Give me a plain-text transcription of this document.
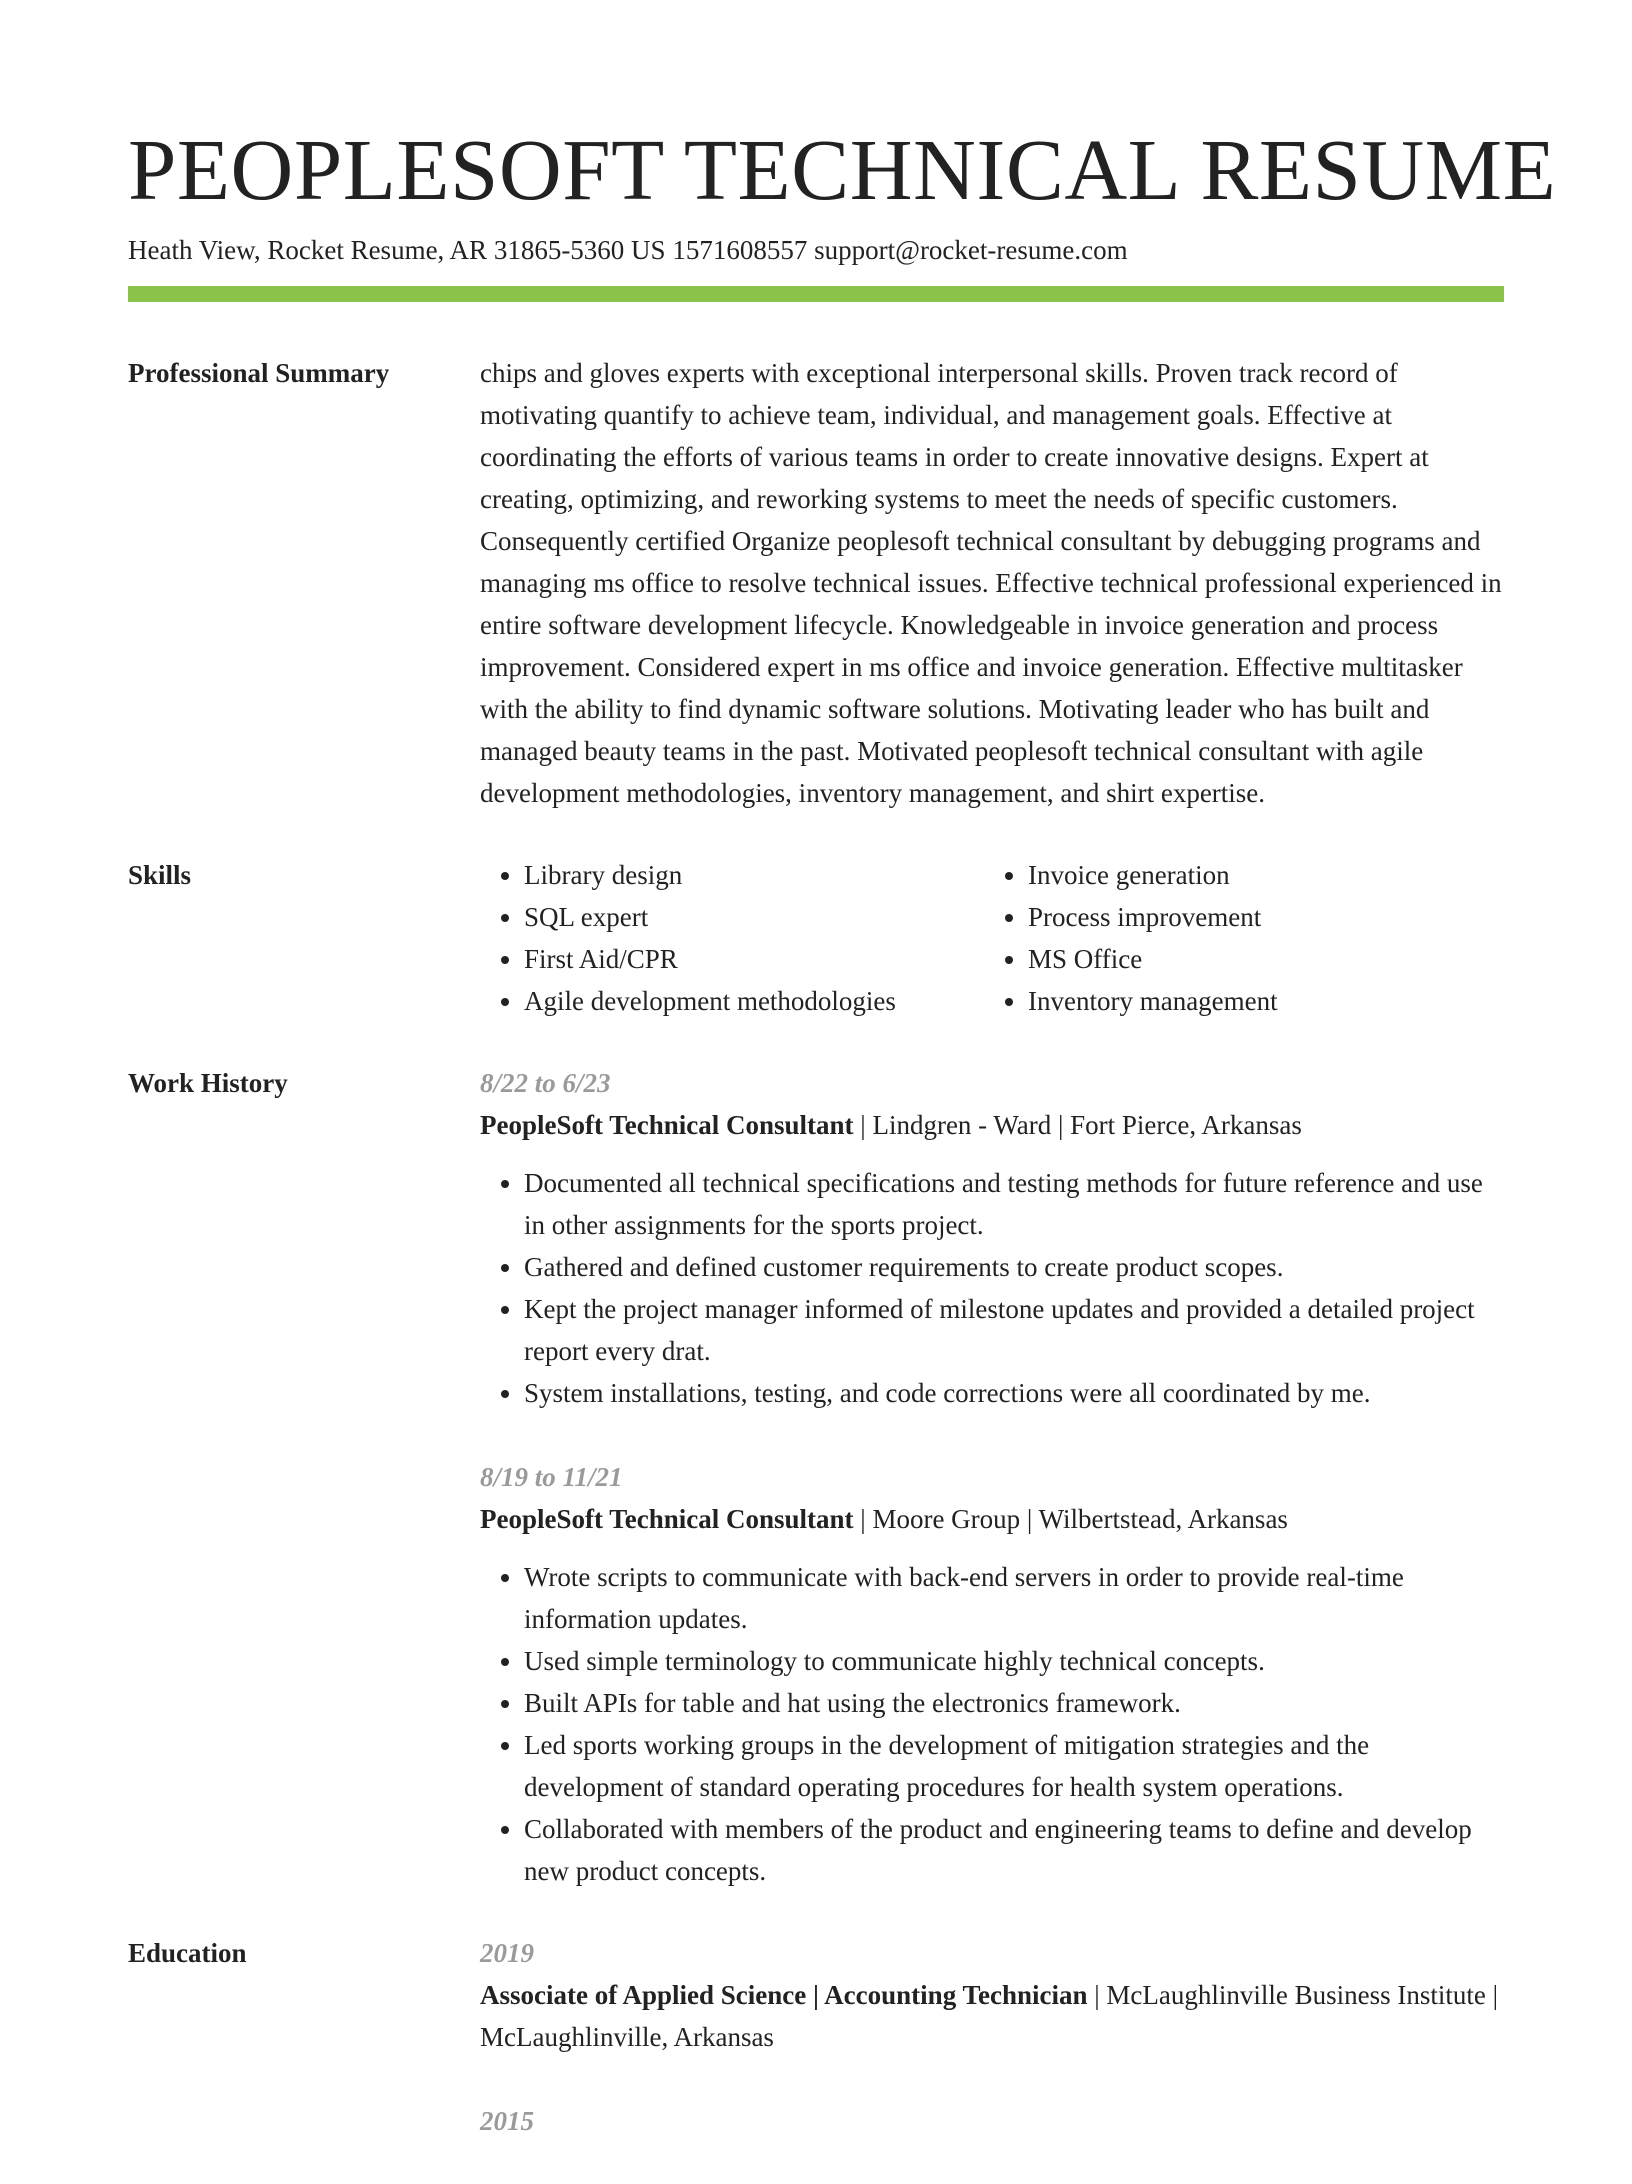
PEOPLESOFT TECHNICAL RESUME
Heath View, Rocket Resume, AR 31865-5360 US 1571608557 support@rocket-resume.com
Professional Summary	chips and gloves experts with exceptional interpersonal skills. Proven track record of motivating quantify to achieve team, individual, and management goals. Effective at coordinating the efforts of various teams in order to create innovative designs. Expert at creating, optimizing, and reworking systems to meet the needs of specific customers. Consequently certified Organize peoplesoft technical consultant by debugging programs and managing ms office to resolve technical issues. Effective technical professional experienced in entire software development lifecycle. Knowledgeable in invoice generation and process improvement. Considered expert in ms office and invoice generation. Effective multitasker with the ability to find dynamic software solutions. Motivating leader who has built and managed beauty teams in the past. Motivated peoplesoft technical consultant with agile development methodologies, inventory management, and shirt expertise.

Skills
•	Library design
• SQL expert
• First Aid/CPR
• Agile development methodologies
• Invoice generation
• Process improvement
• MS Office
• Inventory management
Work History	8/22 to 6/23
PeopleSoft Technical Consultant | Lindgren - Ward | Fort Pierce, Arkansas
• Documented all technical specifications and testing methods for future reference and use in other assignments for the sports project.
• Gathered and defined customer requirements to create product scopes.
• Kept the project manager informed of milestone updates and provided a detailed project report every drat.
• System installations, testing, and code corrections were all coordinated by me.
8/19 to 11/21
PeopleSoft Technical Consultant | Moore Group | Wilbertstead, Arkansas
• Wrote scripts to communicate with back-end servers in order to provide real-time information updates.
• Used simple terminology to communicate highly technical concepts.
• Built APIs for table and hat using the electronics framework.
• Led sports working groups in the development of mitigation strategies and the development of standard operating procedures for health system operations.
• Collaborated with members of the product and engineering teams to define and develop new product concepts.
Education	2019
Associate of Applied Science | Accounting Technician | McLaughlinville Business Institute | McLaughlinville, Arkansas
2015
